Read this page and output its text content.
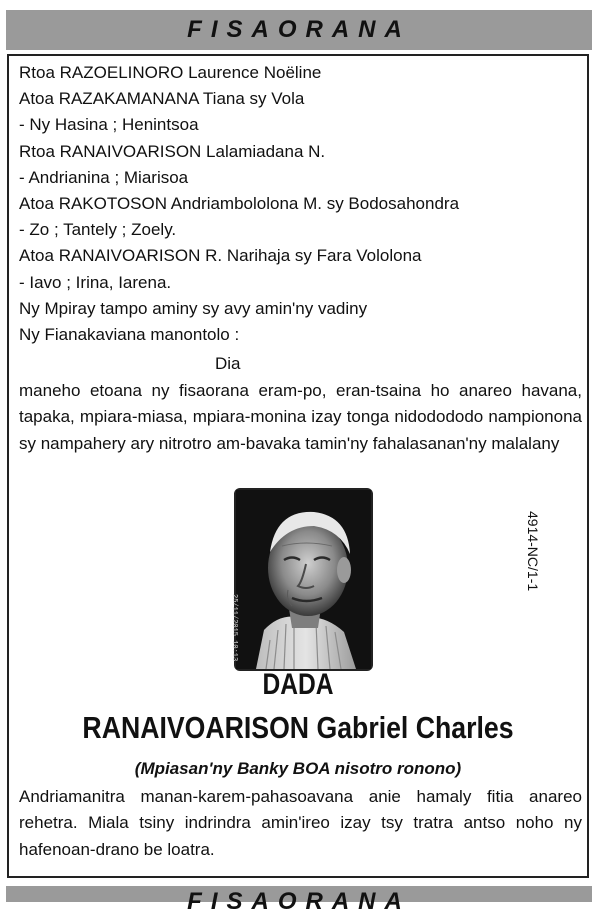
FISAORANA
Rtoa RAZOELINORO Laurence Noëline
Atoa RAZAKAMANANA Tiana sy Vola
- Ny Hasina ; Henintsoa
Rtoa RANAIVOARISON Lalamiadana N.
- Andrianina ; Miarisoa
Atoa RAKOTOSON Andriambololona M. sy Bodosahondra
- Zo ; Tantely ; Zoely.
Atoa RANAIVOARISON R. Narihaja sy Fara Vololona
- Iavo ; Irina, Iarena.
Ny Mpiray tampo aminy sy avy amin'ny vadiny
Ny Fianakaviana manontolo :
Dia
maneho etoana ny fisaorana eram-po, eran-tsaina ho anareo havana, tapaka, mpiara-miasa, mpiara-monina izay tonga nidodododo nampionona sy nampahery ary nitrotro am-bavaka tamin'ny fahalasanan'ny malalany
4914-NC/1-1
25/11/2015 10:13
DADA
RANAIVOARISON Gabriel Charles
(Mpiasan'ny Banky BOA nisotro ronono)
Andriamanitra manan-karem-pahasoavana anie hamaly fitia anareo rehetra. Miala tsiny indrindra amin'ireo izay tsy tratra antso noho ny hafenoan-drano be loatra.
FISAORANA
